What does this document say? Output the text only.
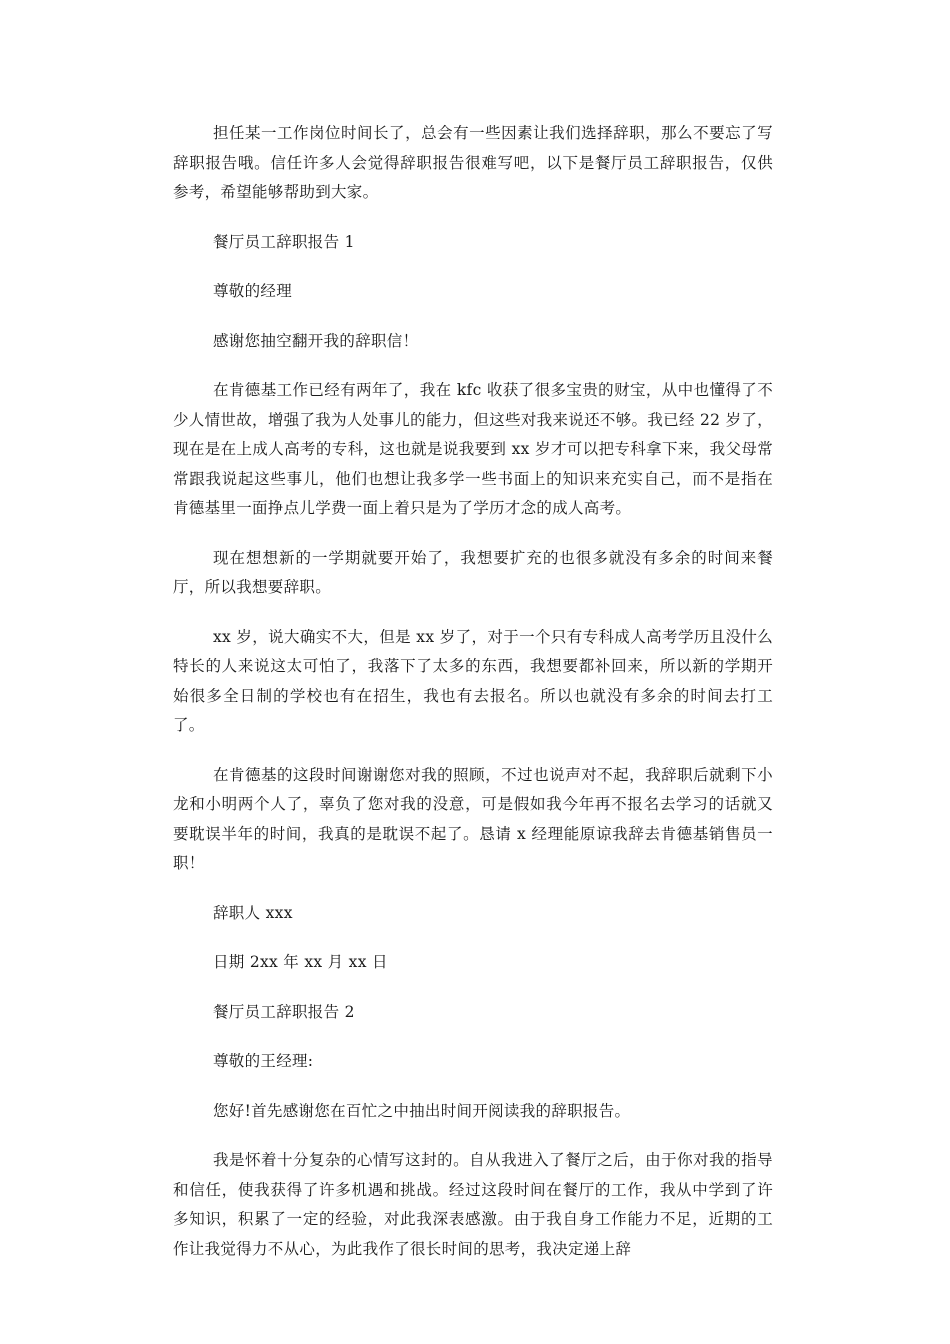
担任某一工作岗位时间长了，总会有一些因素让我们选择辞职，那么不要忘了写辞职报告哦。信任许多人会觉得辞职报告很难写吧，以下是餐厅员工辞职报告，仅供参考，希望能够帮助到大家。

餐厅员工辞职报告 1

尊敬的经理

感谢您抽空翻开我的辞职信！

在肯德基工作已经有两年了，我在 kfc 收获了很多宝贵的财宝，从中也懂得了不少人情世故，增强了我为人处事儿的能力，但这些对我来说还不够。我已经 22 岁了，现在是在上成人高考的专科，这也就是说我要到 xx 岁才可以把专科拿下来，我父母常常跟我说起这些事儿，他们也想让我多学一些书面上的知识来充实自己，而不是指在肯德基里一面挣点儿学费一面上着只是为了学历才念的成人高考。

现在想想新的一学期就要开始了，我想要扩充的也很多就没有多余的时间来餐厅，所以我想要辞职。

xx 岁，说大确实不大，但是 xx 岁了，对于一个只有专科成人高考学历且没什么特长的人来说这太可怕了，我落下了太多的东西，我想要都补回来，所以新的学期开始很多全日制的学校也有在招生，我也有去报名。所以也就没有多余的时间去打工了。

在肯德基的这段时间谢谢您对我的照顾，不过也说声对不起，我辞职后就剩下小龙和小明两个人了，辜负了您对我的没意，可是假如我今年再不报名去学习的话就又要耽误半年的时间，我真的是耽误不起了。恳请 x 经理能原谅我辞去肯德基销售员一职！

辞职人 xxx

日期 2xx 年 xx 月 xx 日

餐厅员工辞职报告 2

尊敬的王经理:

您好!首先感谢您在百忙之中抽出时间开阅读我的辞职报告。

我是怀着十分复杂的心情写这封的。自从我进入了餐厅之后，由于你对我的指导和信任，使我获得了许多机遇和挑战。经过这段时间在餐厅的工作，我从中学到了许多知识，积累了一定的经验，对此我深表感激。由于我自身工作能力不足，近期的工作让我觉得力不从心，为此我作了很长时间的思考，我决定递上辞
